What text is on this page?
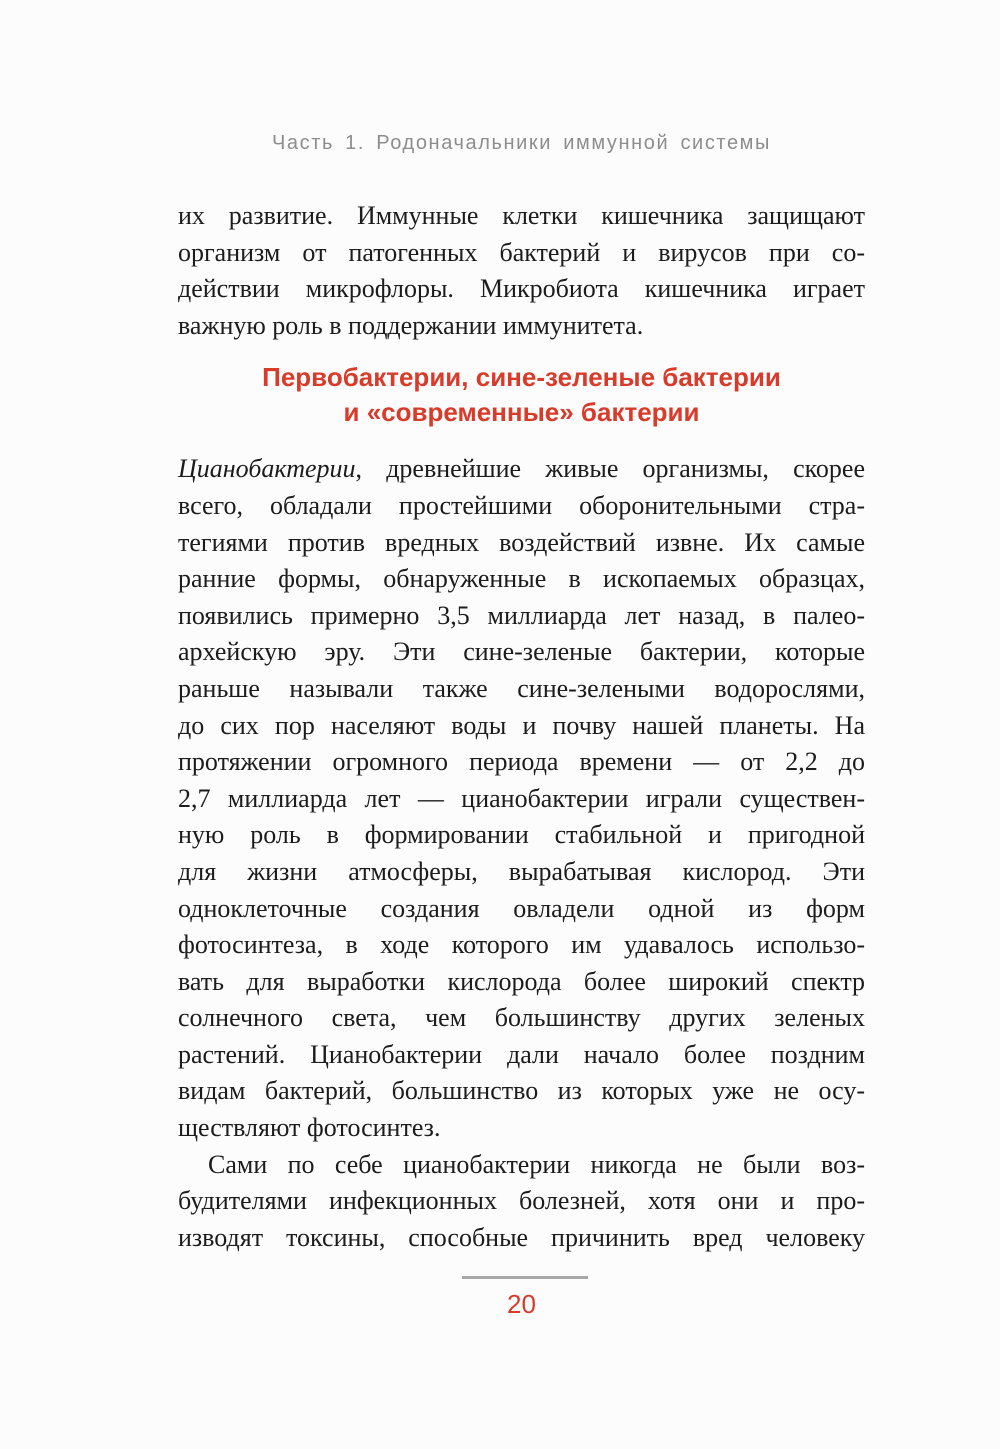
Часть 1. Родоначальники иммунной системы
их развитие. Иммунные клетки кишечника защищают
организм от патогенных бактерий и вирусов при со-
действии микрофлоры. Микробиота кишечника играет
важную роль в поддержании иммунитета.
Первобактерии, сине-зеленые бактерии
и «современные» бактерии
Цианобактерии, древнейшие живые организмы, скорее
всего, обладали простейшими оборонительными стра-
тегиями против вредных воздействий извне. Их самые
ранние формы, обнаруженные в ископаемых образцах,
появились примерно 3,5 миллиарда лет назад, в палео-
архейскую эру. Эти сине-зеленые бактерии, которые
раньше называли также сине-зелеными водорослями,
до сих пор населяют воды и почву нашей планеты. На
протяжении огромного периода времени — от 2,2 до
2,7 миллиарда лет — цианобактерии играли существен-
ную роль в формировании стабильной и пригодной
для жизни атмосферы, вырабатывая кислород. Эти
одноклеточные создания овладели одной из форм
фотосинтеза, в ходе которого им удавалось использо-
вать для выработки кислорода более широкий спектр
солнечного света, чем большинству других зеленых
растений. Цианобактерии дали начало более поздним
видам бактерий, большинство из которых уже не осу-
ществляют фотосинтез.
Сами по себе цианобактерии никогда не были воз-
будителями инфекционных болезней, хотя они и про-
изводят токсины, способные причинить вред человеку
20
